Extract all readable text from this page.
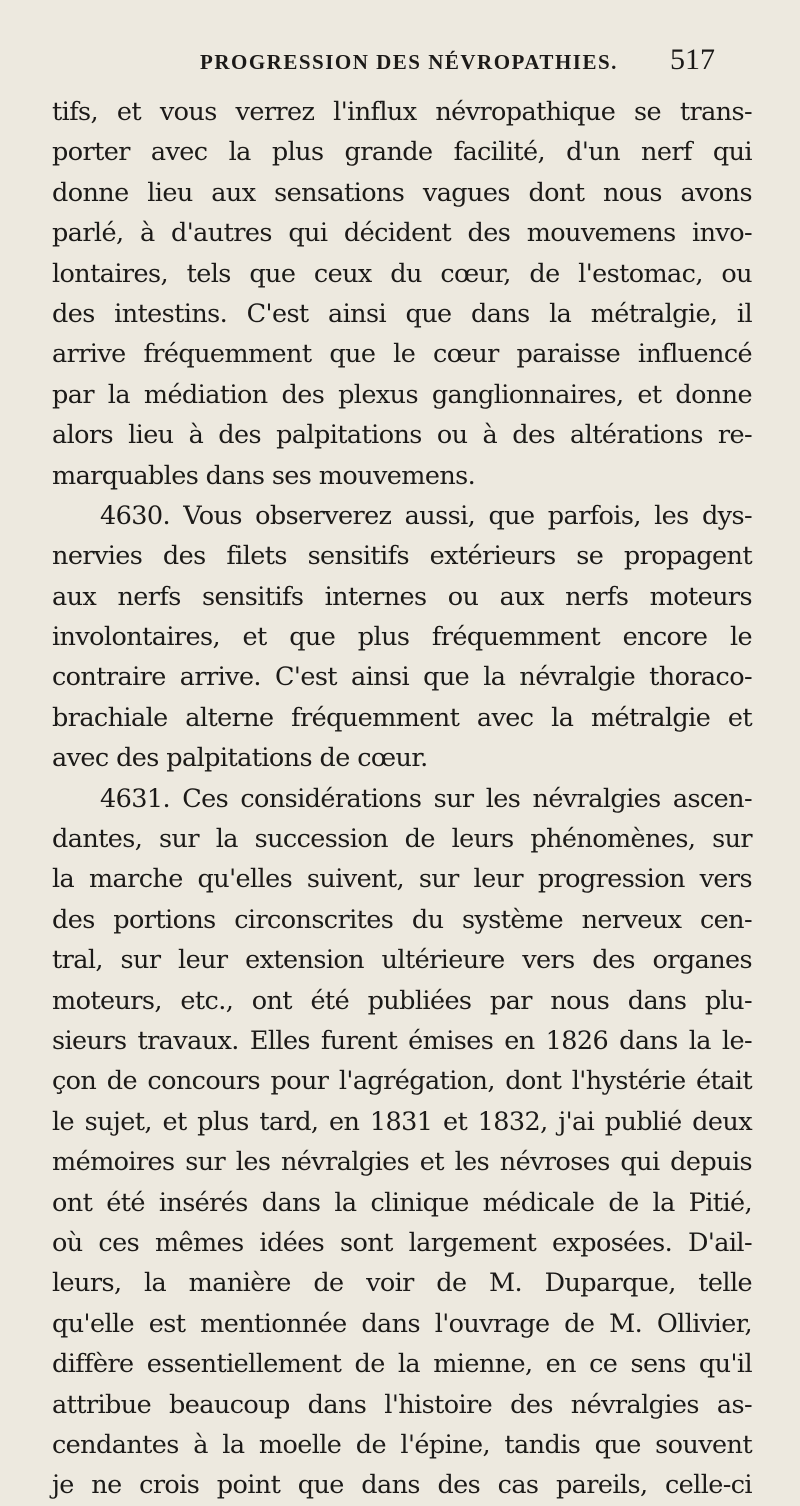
PROGRESSION DES NÉVROPATHIES. 517
tifs, et vous verrez l'influx névropathique se trans-
porter avec la plus grande facilité, d'un nerf qui
donne lieu aux sensations vagues dont nous avons
parlé, à d'autres qui décident des mouvemens invo-
lontaires, tels que ceux du cœur, de l'estomac, ou
des intestins. C'est ainsi que dans la métralgie, il
arrive fréquemment que le cœur paraisse influencé
par la médiation des plexus ganglionnaires, et donne
alors lieu à des palpitations ou à des altérations re-
marquables dans ses mouvemens.
4630. Vous observerez aussi, que parfois, les dys-
nervies des filets sensitifs extérieurs se propagent
aux nerfs sensitifs internes ou aux nerfs moteurs
involontaires, et que plus fréquemment encore le
contraire arrive. C'est ainsi que la névralgie thoraco-
brachiale alterne fréquemment avec la métralgie et
avec des palpitations de cœur.
4631. Ces considérations sur les névralgies ascen-
dantes, sur la succession de leurs phénomènes, sur
la marche qu'elles suivent, sur leur progression vers
des portions circonscrites du système nerveux cen-
tral, sur leur extension ultérieure vers des organes
moteurs, etc., ont été publiées par nous dans plu-
sieurs travaux. Elles furent émises en 1826 dans la le-
çon de concours pour l'agrégation, dont l'hystérie était
le sujet, et plus tard, en 1831 et 1832, j'ai publié deux
mémoires sur les névralgies et les névroses qui depuis
ont été insérés dans la clinique médicale de la Pitié,
où ces mêmes idées sont largement exposées. D'ail-
leurs, la manière de voir de M. Duparque, telle
qu'elle est mentionnée dans l'ouvrage de M. Ollivier,
diffère essentiellement de la mienne, en ce sens qu'il
attribue beaucoup dans l'histoire des névralgies as-
cendantes à la moelle de l'épine, tandis que souvent
je ne crois point que dans des cas pareils, celle-ci
